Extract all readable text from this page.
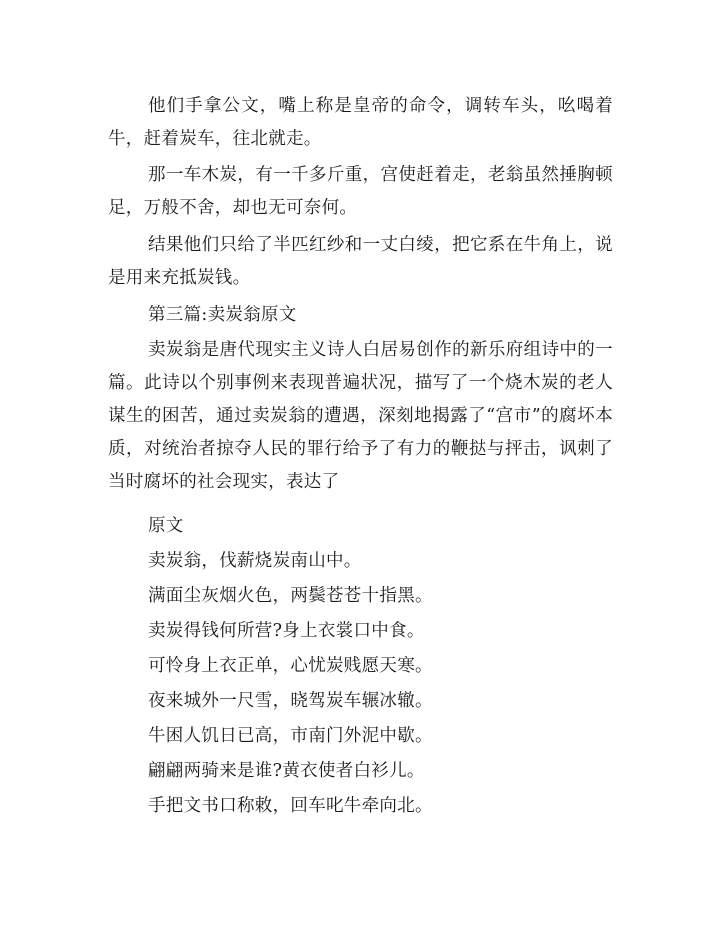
他们手拿公文，嘴上称是皇帝的命令，调转车头，吆喝着牛，赶着炭车，往北就走。

那一车木炭，有一千多斤重，宫使赶着走，老翁虽然捶胸顿足，万般不舍，却也无可奈何。

结果他们只给了半匹红纱和一丈白绫，把它系在牛角上，说是用来充抵炭钱。

第三篇:卖炭翁原文

卖炭翁是唐代现实主义诗人白居易创作的新乐府组诗中的一篇。此诗以个别事例来表现普遍状况，描写了一个烧木炭的老人谋生的困苦，通过卖炭翁的遭遇，深刻地揭露了“宫市”的腐坏本质，对统治者掠夺人民的罪行给予了有力的鞭挞与抨击，讽刺了当时腐坏的社会现实，表达了

原文

卖炭翁，伐薪烧炭南山中。

满面尘灰烟火色，两鬓苍苍十指黑。

卖炭得钱何所营?身上衣裳口中食。

可怜身上衣正单，心忧炭贱愿天寒。

夜来城外一尺雪，晓驾炭车辗冰辙。

牛困人饥日已高，市南门外泥中歇。

翩翩两骑来是谁?黄衣使者白衫儿。

手把文书口称敕，回车叱牛牵向北。
